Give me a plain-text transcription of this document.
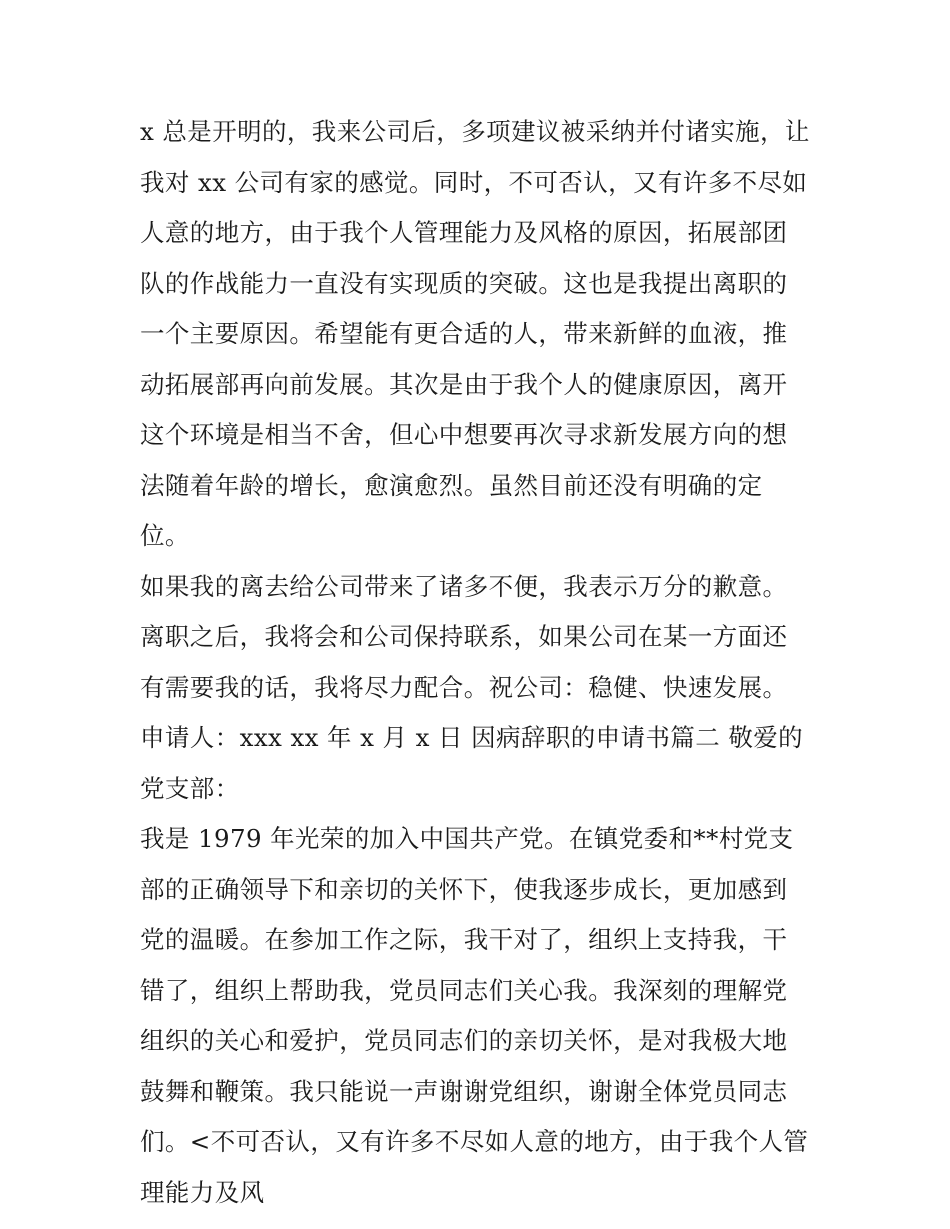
x 总是开明的，我来公司后，多项建议被采纳并付诸实施，让我对 xx 公司有家的感觉。同时，不可否认，又有许多不尽如人意的地方，由于我个人管理能力及风格的原因，拓展部团队的作战能力一直没有实现质的突破。这也是我提出离职的一个主要原因。希望能有更合适的人，带来新鲜的血液，推动拓展部再向前发展。其次是由于我个人的健康原因，离开这个环境是相当不舍，但心中想要再次寻求新发展方向的想法随着年龄的增长，愈演愈烈。虽然目前还没有明确的定位。

如果我的离去给公司带来了诸多不便，我表示万分的歉意。离职之后，我将会和公司保持联系，如果公司在某一方面还有需要我的话，我将尽力配合。祝公司：稳健、快速发展。

申请人：xxx xx 年 x 月 x 日 因病辞职的申请书篇二 敬爱的党支部：

我是 1979 年光荣的加入中国共产党。在镇党委和**村党支部的正确领导下和亲切的关怀下，使我逐步成长，更加感到党的温暖。在参加工作之际，我干对了，组织上支持我，干错了，组织上帮助我，党员同志们关心我。我深刻的理解党组织的关心和爱护，党员同志们的亲切关怀，是对我极大地鼓舞和鞭策。我只能说一声谢谢党组织，谢谢全体党员同志们。<不可否认，又有许多不尽如人意的地方，由于我个人管理能力及风
